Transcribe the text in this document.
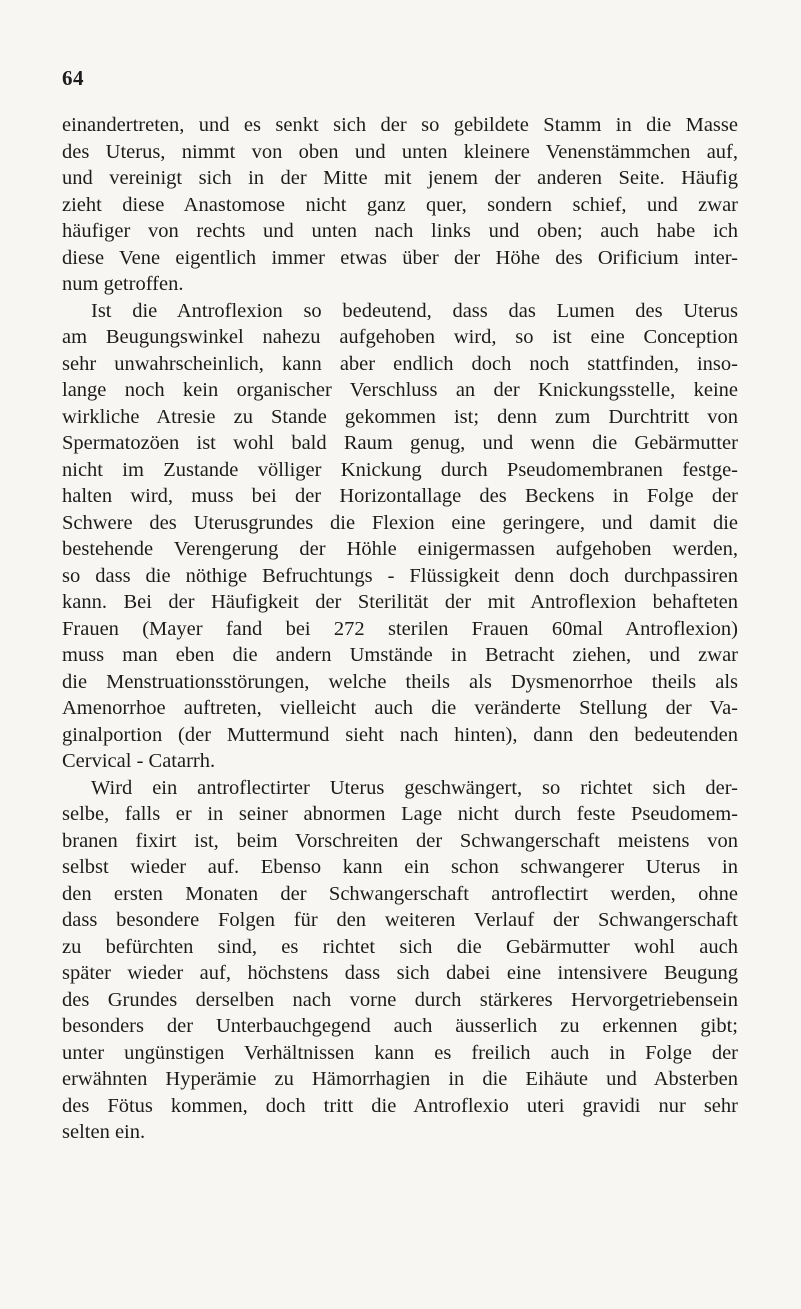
64
einandertreten, und es senkt sich der so gebildete Stamm in die Masse
des Uterus, nimmt von oben und unten kleinere Venenstämmchen auf,
und vereinigt sich in der Mitte mit jenem der anderen Seite. Häufig
zieht diese Anastomose nicht ganz quer, sondern schief, und zwar
häufiger von rechts und unten nach links und oben; auch habe ich
diese Vene eigentlich immer etwas über der Höhe des Orificium inter-
num getroffen.
Ist die Antroflexion so bedeutend, dass das Lumen des Uterus
am Beugungswinkel nahezu aufgehoben wird, so ist eine Conception
sehr unwahrscheinlich, kann aber endlich doch noch stattfinden, inso-
lange noch kein organischer Verschluss an der Knickungsstelle, keine
wirkliche Atresie zu Stande gekommen ist; denn zum Durchtritt von
Spermatozöen ist wohl bald Raum genug, und wenn die Gebärmutter
nicht im Zustande völliger Knickung durch Pseudomembranen festge-
halten wird, muss bei der Horizontallage des Beckens in Folge der
Schwere des Uterusgrundes die Flexion eine geringere, und damit die
bestehende Verengerung der Höhle einigermassen aufgehoben werden,
so dass die nöthige Befruchtungs - Flüssigkeit denn doch durchpassiren
kann. Bei der Häufigkeit der Sterilität der mit Antroflexion behafteten
Frauen (Mayer fand bei 272 sterilen Frauen 60mal Antroflexion)
muss man eben die andern Umstände in Betracht ziehen, und zwar
die Menstruationsstörungen, welche theils als Dysmenorrhoe theils als
Amenorrhoe auftreten, vielleicht auch die veränderte Stellung der Va-
ginalportion (der Muttermund sieht nach hinten), dann den bedeutenden
Cervical - Catarrh.
Wird ein antroflectirter Uterus geschwängert, so richtet sich der-
selbe, falls er in seiner abnormen Lage nicht durch feste Pseudomem-
branen fixirt ist, beim Vorschreiten der Schwangerschaft meistens von
selbst wieder auf. Ebenso kann ein schon schwangerer Uterus in
den ersten Monaten der Schwangerschaft antroflectirt werden, ohne
dass besondere Folgen für den weiteren Verlauf der Schwangerschaft
zu befürchten sind, es richtet sich die Gebärmutter wohl auch
später wieder auf, höchstens dass sich dabei eine intensivere Beugung
des Grundes derselben nach vorne durch stärkeres Hervorgetriebensein
besonders der Unterbauchgegend auch äusserlich zu erkennen gibt;
unter ungünstigen Verhältnissen kann es freilich auch in Folge der
erwähnten Hyperämie zu Hämorrhagien in die Eihäute und Absterben
des Fötus kommen, doch tritt die Antroflexio uteri gravidi nur sehr
selten ein.
